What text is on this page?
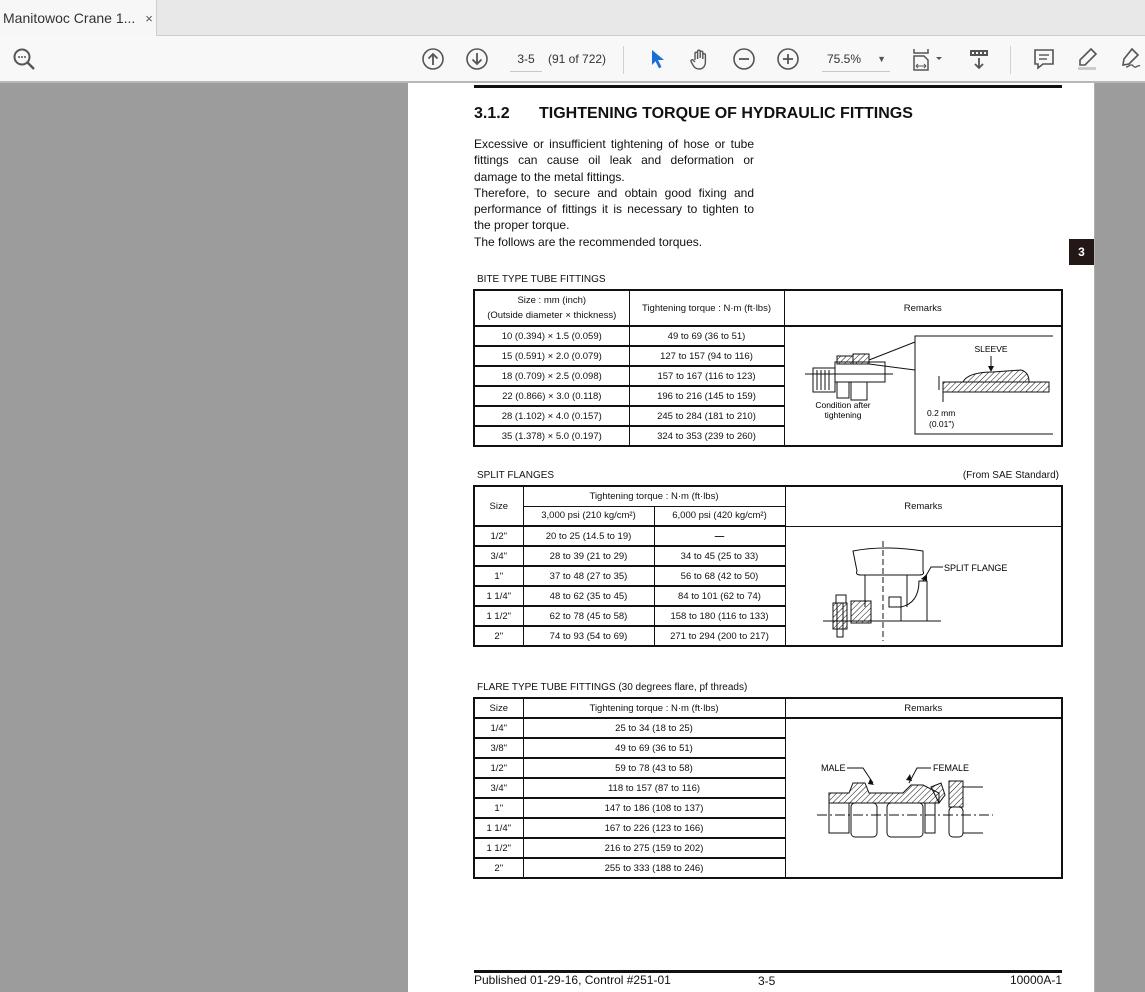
Manitowoc Crane 1... ×
3-5	(91 of 722)	75.5% ▼
3.1.2 TIGHTENING TORQUE OF HYDRAULIC FITTINGS

Excessive or insufficient tightening of hose or tube fittings can cause oil leak and deformation or damage to the metal fittings.

Therefore, to secure and obtain good fixing and performance of fittings it is necessary to tighten to the proper torque.

The follows are the recommended torques.

3
BITE TYPE TUBE FITTINGS
Size : mm (inch)
(Outside diameter × thickness)	Tightening torque : N·m (ft·lbs)	Remarks
10 (0.394) × 1.5 (0.059)	49 to 69 (36 to 51)	Condition after
tightening
SLEEVE
0.2 mm
(0.01")

15 (0.591) × 2.0 (0.079)	127 to 157 (94 to 116)	
18 (0.709) × 2.5 (0.098)	157 to 167 (116 to 123)	
22 (0.866) × 3.0 (0.118)	196 to 216 (145 to 159)	
28 (1.102) × 4.0 (0.157)	245 to 284 (181 to 210)	
35 (1.378) × 5.0 (0.197)	324 to 353 (239 to 260)	
SPLIT FLANGES	(From SAE Standard)
Size	Tightening torque : N·m (ft·lbs)		Remarks
	3,000 psi (210 kg/cm²)	6,000 psi (420 kg/cm²)	
1/2"	20 to 25 (14.5 to 19)	—	SPLIT FLANGE

3/4"	28 to 39 (21 to 29)	34 to 45 (25 to 33)	
1"	37 to 48 (27 to 35)	56 to 68 (42 to 50)	
1 1/4"	48 to 62 (35 to 45)	84 to 101 (62 to 74)	
1 1/2"	62 to 78 (45 to 58)	158 to 180 (116 to 133)	
2"	74 to 93 (54 to 69)	271 to 294 (200 to 217)	
FLARE TYPE TUBE FITTINGS (30 degrees flare, pf threads)
Size	Tightening torque : N·m (ft·lbs)	Remarks
1/4"	25 to 34 (18 to 25)	MALE FEMALE

3/8"	49 to 69 (36 to 51)	
1/2"	59 to 78 (43 to 58)	
3/4"	118 to 157 (87 to 116)	
1"	147 to 186 (108 to 137)	
1 1/4"	167 to 226 (123 to 166)	
1 1/2"	216 to 275 (159 to 202)	
2"	255 to 333 (188 to 246)	
Published 01-29-16, Control #251-01	3-5	10000A-1
